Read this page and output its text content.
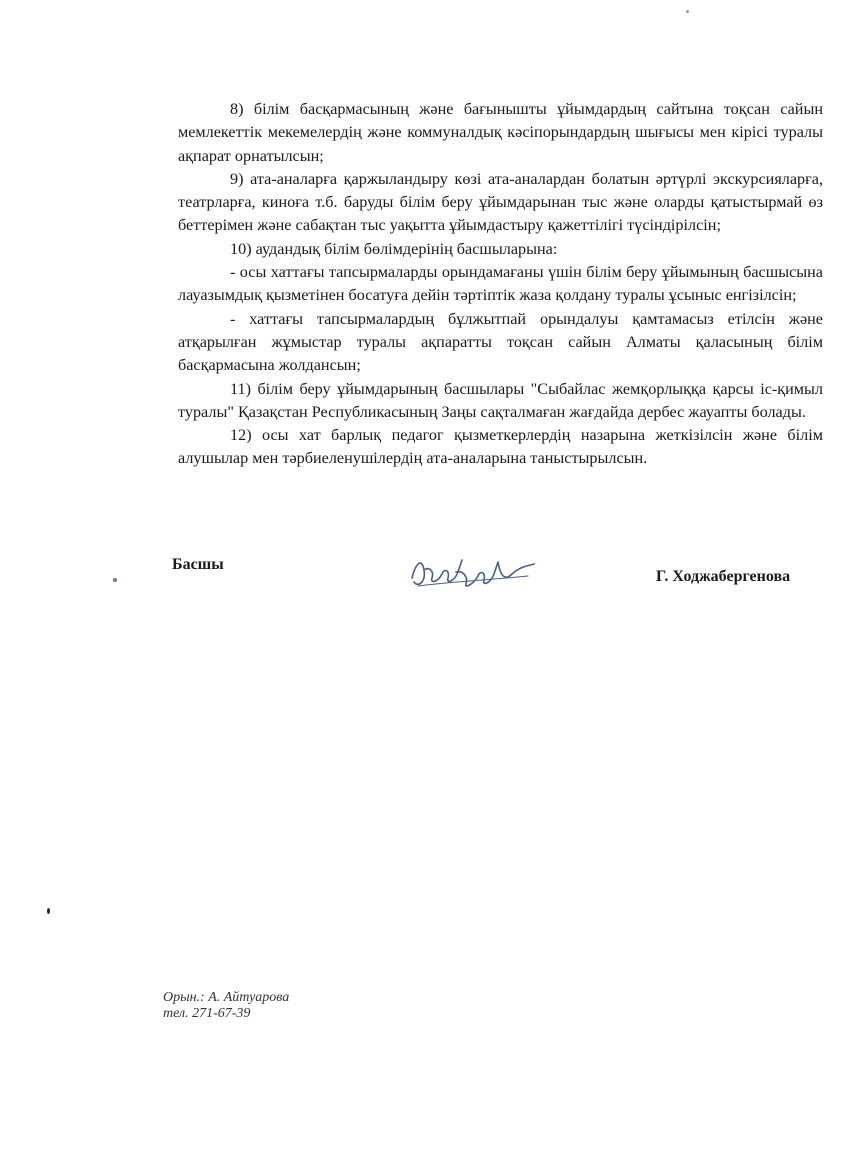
8) білім басқармасының және бағынышты ұйымдардың сайтына тоқсан сайын мемлекеттік мекемелердің және коммуналдық кәсіпорындардың шығысы мен кірісі туралы ақпарат орнатылсын;

9) ата-аналарға қаржыландыру көзі ата-аналардан болатын әртүрлі экскурсияларға, театрларға, киноға т.б. баруды білім беру ұйымдарынан тыс және оларды қатыстырмай өз беттерімен және сабақтан тыс уақытта ұйымдастыру қажеттілігі түсіндірілсін;

10) аудандық білім бөлімдерінің басшыларына:

- осы хаттағы тапсырмаларды орындамағаны үшін білім беру ұйымының басшысына лауазымдық қызметінен босатуға дейін тәртіптік жаза қолдану туралы ұсыныс енгізілсін;

- хаттағы тапсырмалардың бұлжытпай орындалуы қамтамасыз етілсін және атқарылған жұмыстар туралы ақпаратты тоқсан сайын Алматы қаласының білім басқармасына жолдансын;

11) білім беру ұйымдарының басшылары "Сыбайлас жемқорлыққа қарсы іс-қимыл туралы" Қазақстан Республикасының Заңы сақталмаған жағдайда дербес жауапты болады.

12) осы хат барлық педагог қызметкерлердің назарына жеткізілсін және білім алушылар мен тәрбиеленушілердің ата-аналарына таныстырылсын.

Басшы
Г. Ходжабергенова
Орын.: А. Айтуарова
тел. 271-67-39
